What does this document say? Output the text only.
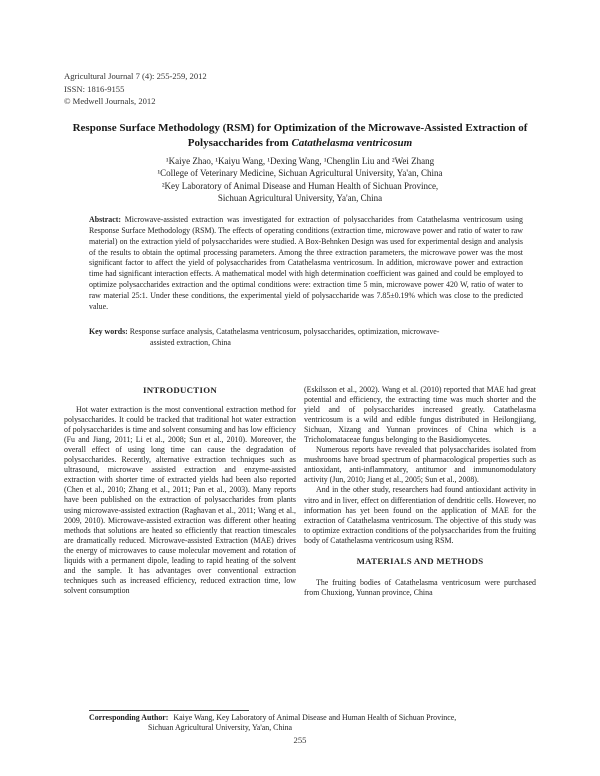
Agricultural Journal 7 (4): 255-259, 2012
ISSN: 1816-9155
© Medwell Journals, 2012
Response Surface Methodology (RSM) for Optimization of the Microwave-Assisted Extraction of Polysaccharides from Catathelasma ventricosum
¹Kaiye Zhao, ¹Kaiyu Wang, ¹Dexing Wang, ¹Chenglin Liu and ²Wei Zhang
¹College of Veterinary Medicine, Sichuan Agricultural University, Ya'an, China
²Key Laboratory of Animal Disease and Human Health of Sichuan Province,
Sichuan Agricultural University, Ya'an, China
Abstract: Microwave-assisted extraction was investigated for extraction of polysaccharides from Catathelasma ventricosum using Response Surface Methodology (RSM). The effects of operating conditions (extraction time, microwave power and ratio of water to raw material) on the extraction yield of polysaccharides were studied. A Box-Behnken Design was used for experimental design and analysis of the results to obtain the optimal processing parameters. Among the three extraction parameters, the microwave power was the most significant factor to affect the yield of polysaccharides from Catathelasma ventricosum. In addition, microwave power and extraction time had significant interaction effects. A mathematical model with high determination coefficient was gained and could be employed to optimize polysaccharides extraction and the optimal conditions were: extraction time 5 min, microwave power 420 W, ratio of water to raw material 25:1. Under these conditions, the experimental yield of polysaccharide was 7.85±0.19% which was close to the predicted value.
Key words: Response surface analysis, Catathelasma ventricosum, polysaccharides, optimization, microwave-
assisted extraction, China
INTRODUCTION

Hot water extraction is the most conventional extraction method for polysaccharides. It could be tracked that traditional hot water extraction of polysaccharides is time and solvent consuming and has low efficiency (Fu and Jiang, 2011; Li et al., 2008; Sun et al., 2010). Moreover, the overall effect of using long time can cause the degradation of polysaccharides. Recently, alternative extraction techniques such as ultrasound, microwave assisted extraction and enzyme-assisted extraction with shorter time of extracted yields had been also reported (Chen et al., 2010; Zhang et al., 2011; Pan et al., 2003). Many reports have been published on the extraction of polysaccharides from plants using microwave-assisted extraction (Raghavan et al., 2011; Wang et al., 2009, 2010). Microwave-assisted extraction was different other heating methods that solutions are heated so efficiently that reaction timescales are dramatically reduced. Microwave-assisted Extraction (MAE) drives the energy of microwaves to cause molecular movement and rotation of liquids with a permanent dipole, leading to rapid heating of the solvent and the sample. It has advantages over conventional extraction techniques such as increased efficiency, reduced extraction time, low solvent consumption

(Eskilsson et al., 2002). Wang et al. (2010) reported that MAE had great potential and efficiency, the extracting time was much shorter and the yield and of polysaccharides increased greatly. Catathelasma ventricosum is a wild and edible fungus distributed in Heilongjiang, Sichuan, Xizang and Yunnan provinces of China which is a Tricholomataceae fungus belonging to the Basidiomycetes.

Numerous reports have revealed that polysaccharides isolated from mushrooms have broad spectrum of pharmacological properties such as antioxidant, anti-inflammatory, antitumor and immunomodulatory activity (Jun, 2010; Jiang et al., 2005; Sun et al., 2008).

And in the other study, researchers had found antioxidant activity in vitro and in liver, effect on differentiation of dendritic cells. However, no information has yet been found on the application of MAE for the extraction of Catathelasma ventricosum. The objective of this study was to optimize extraction conditions of the polysaccharides from the fruiting body of Catathelasma ventricosum using RSM.

MATERIALS AND METHODS

The fruiting bodies of Catathelasma ventricosum were purchased from Chuxiong, Yunnan province, China

Corresponding Author: Kaiye Wang, Key Laboratory of Animal Disease and Human Health of Sichuan Province,
Sichuan Agricultural University, Ya'an, China
255
